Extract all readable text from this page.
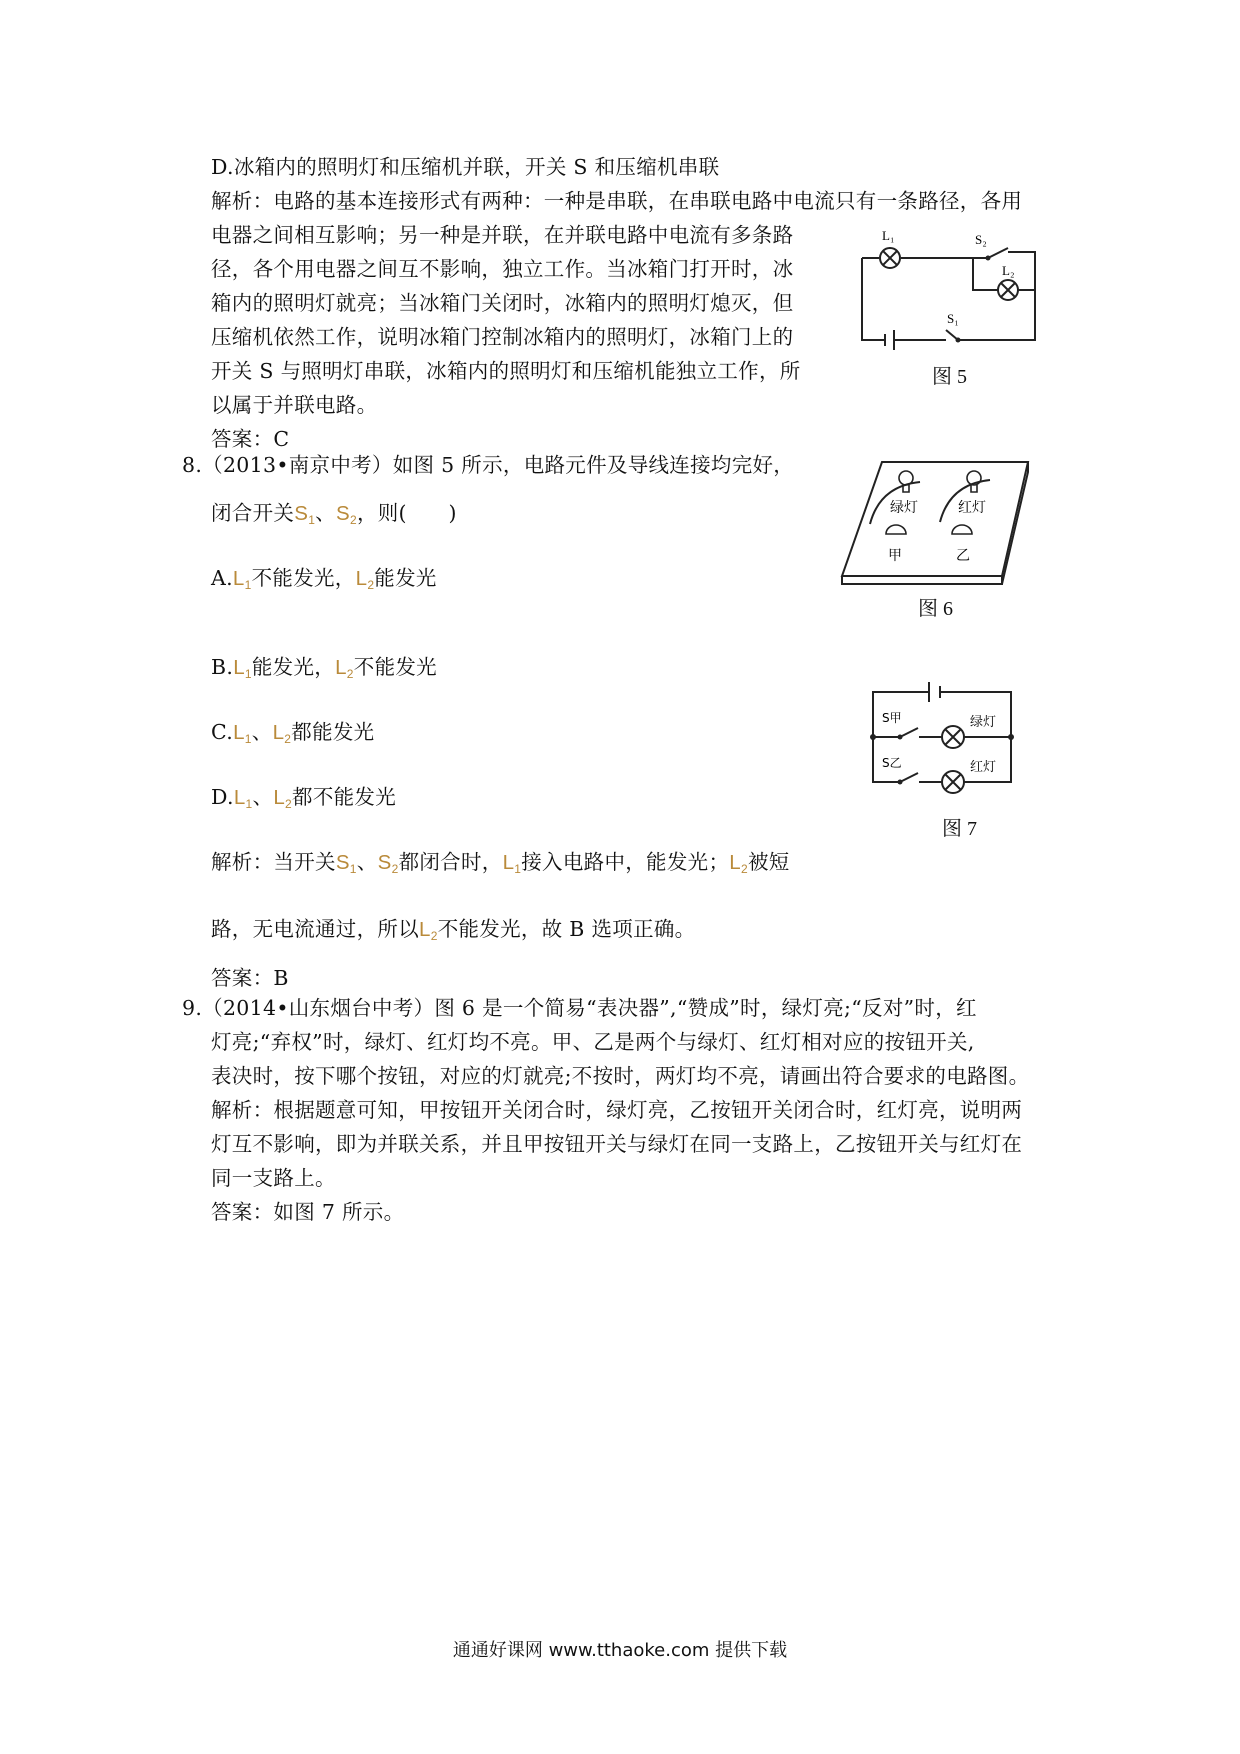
D.冰箱内的照明灯和压缩机并联，开关 S 和压缩机串联
解析：电路的基本连接形式有两种：一种是串联，在串联电路中电流只有一条路径，各用
电器之间相互影响；另一种是并联，在并联电路中电流有多条路
径，各个用电器之间互不影响，独立工作。当冰箱门打开时，冰
箱内的照明灯就亮；当冰箱门关闭时，冰箱内的照明灯熄灭，但
压缩机依然工作，说明冰箱门控制冰箱内的照明灯，冰箱门上的
开关 S 与照明灯串联，冰箱内的照明灯和压缩机能独立工作，所
以属于并联电路。
答案：C
L₁	S₂
L₂
S₁
图 5
8.（2013•南京中考）如图 5 所示，电路元件及导线连接均完好，
闭合开关$S_1$、$S_2$，则(　　)
$A.L_1$不能发光，$L_2$能发光
$B.L_1$能发光，$L_2$不能发光
$C.L_1$、$L_2$都能发光
$D.L_1$、$L_2$都不能发光
解析：当开关$S_1$、$S_2$都闭合时，$L_1$接入电路中，能发光；$L_2$被短
路，无电流通过，所以$L_2$不能发光，故 B 选项正确。
答案：B
绿灯	红灯
甲	乙
图 6
S甲
S乙
绿灯
红灯
图 7
9.（2014•山东烟台中考）图 6 是一个简易“表决器”,“赞成”时，绿灯亮;“反对”时，红
灯亮;“弃权”时，绿灯、红灯均不亮。甲、乙是两个与绿灯、红灯相对应的按钮开关,
表决时，按下哪个按钮，对应的灯就亮;不按时，两灯均不亮，请画出符合要求的电路图。
解析：根据题意可知，甲按钮开关闭合时，绿灯亮，乙按钮开关闭合时，红灯亮，说明两
灯互不影响，即为并联关系，并且甲按钮开关与绿灯在同一支路上，乙按钮开关与红灯在
同一支路上。
答案：如图 7 所示。
通通好课网 www.tthaoke.com 提供下载
